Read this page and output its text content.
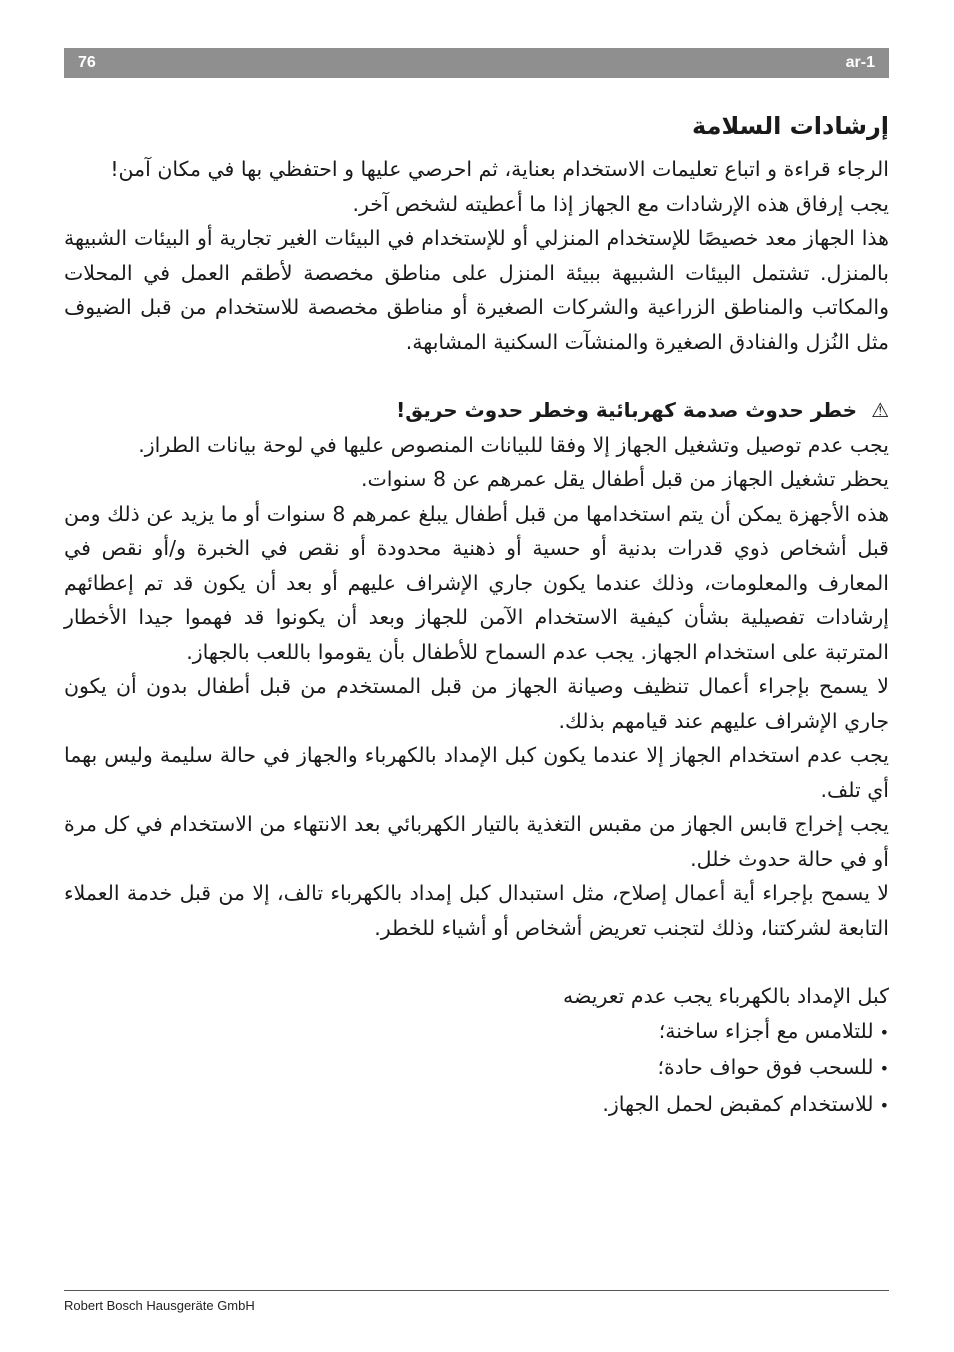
76	ar-1
إرشادات السلامة

الرجاء قراءة و اتباع تعليمات الاستخدام بعناية، ثم احرصي عليها و احتفظي بها في مكان آمن!

يجب إرفاق هذه الإرشادات مع الجهاز إذا ما أعطيته لشخص آخر.

هذا الجهاز معد خصيصًا للإستخدام المنزلي أو للإستخدام في البيئات الغير تجارية أو البيئات الشبيهة بالمنزل. تشتمل البيئات الشبيهة ببيئة المنزل على مناطق مخصصة لأطقم العمل في المحلات والمكاتب والمناطق الزراعية والشركات الصغيرة أو مناطق مخصصة للاستخدام من قبل الضيوف مثل النُزل والفنادق الصغيرة والمنشآت السكنية المشابهة.

⚠خطر حدوث صدمة كهربائية وخطر حدوث حريق!

يجب عدم توصيل وتشغيل الجهاز إلا وفقا للبيانات المنصوص عليها في لوحة بيانات الطراز.

يحظر تشغيل الجهاز من قبل أطفال يقل عمرهم عن 8 سنوات.

هذه الأجهزة يمكن أن يتم استخدامها من قبل أطفال يبلغ عمرهم 8 سنوات أو ما يزيد عن ذلك ومن قبل أشخاص ذوي قدرات بدنية أو حسية أو ذهنية محدودة أو نقص في الخبرة و/أو نقص في المعارف والمعلومات، وذلك عندما يكون جاري الإشراف عليهم أو بعد أن يكون قد تم إعطائهم إرشادات تفصيلية بشأن كيفية الاستخدام الآمن للجهاز وبعد أن يكونوا قد فهموا جيدا الأخطار المترتبة على استخدام الجهاز. يجب عدم السماح للأطفال بأن يقوموا باللعب بالجهاز.

لا يسمح بإجراء أعمال تنظيف وصيانة الجهاز من قبل المستخدم من قبل أطفال بدون أن يكون جاري الإشراف عليهم عند قيامهم بذلك.

يجب عدم استخدام الجهاز إلا عندما يكون كبل الإمداد بالكهرباء والجهاز في حالة سليمة وليس بهما أي تلف.

يجب إخراج قابس الجهاز من مقبس التغذية بالتيار الكهربائي بعد الانتهاء من الاستخدام في كل مرة أو في حالة حدوث خلل.

لا يسمح بإجراء أية أعمال إصلاح، مثل استبدال كبل إمداد بالكهرباء تالف، إلا من قبل خدمة العملاء التابعة لشركتنا، وذلك لتجنب تعريض أشخاص أو أشياء للخطر.

كبل الإمداد بالكهرباء يجب عدم تعريضه

•للتلامس مع أجزاء ساخنة؛
•للسحب فوق حواف حادة؛
•للاستخدام كمقبض لحمل الجهاز.
Robert Bosch Hausgeräte GmbH
